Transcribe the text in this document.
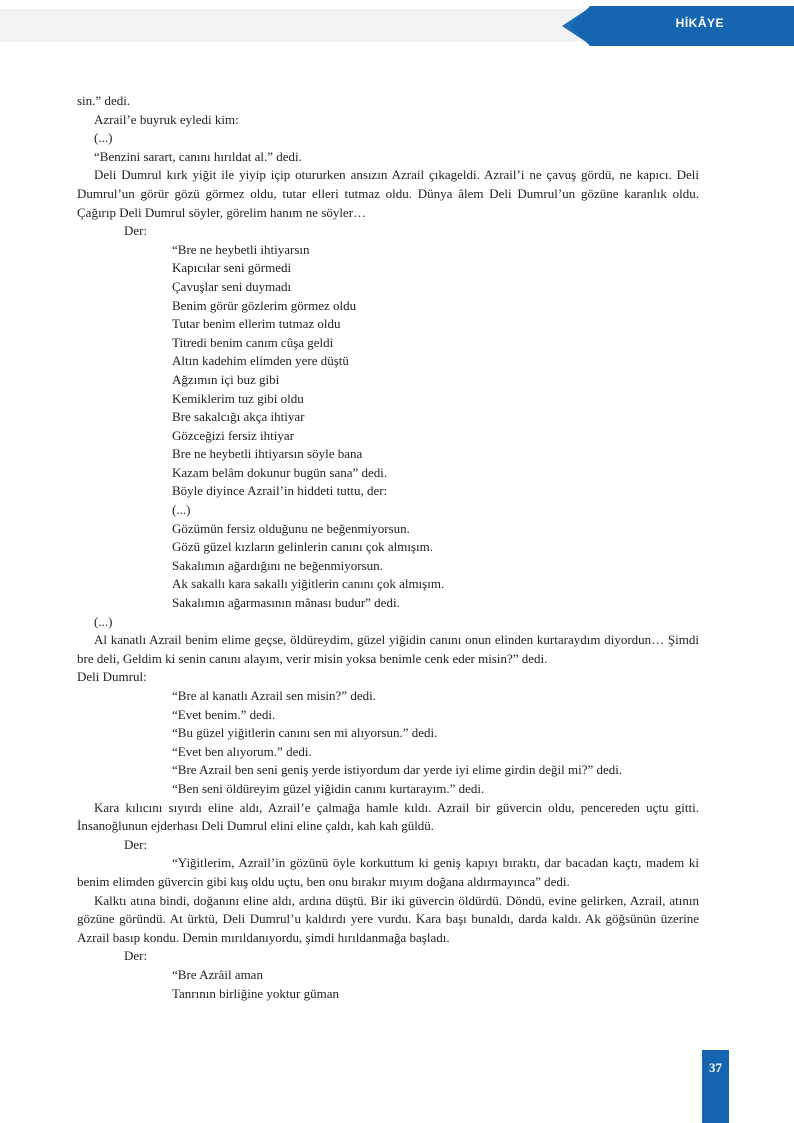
HİKÂYE

sin.” dedi.

Azrail’e buyruk eyledi kim:

(...)

“Benzini sarart, canını hırıldat al.” dedi.

Deli Dumrul kırk yiğit ile yiyip içip otururken ansızın Azrail çıkageldi. Azrail’i ne çavuş gördü, ne kapıcı. Deli Dumrul’un görür gözü görmez oldu, tutar elleri tutmaz oldu. Dünya âlem Deli Dumrul’un gözüne karanlık oldu. Çağırıp Deli Dumrul söyler, görelim hanım ne söyler…

Der:

“Bre ne heybetli ihtiyarsın

Kapıcılar seni görmedi

Çavuşlar seni duymadı

Benim görür gözlerim görmez oldu

Tutar benim ellerim tutmaz oldu

Titredi benim canım cûşa geldi

Altın kadehim elimden yere düştü

Ağzımın içi buz gibi

Kemiklerim tuz gibi oldu

Bre sakalcığı akça ihtiyar

Gözceğizi fersiz ihtiyar

Bre ne heybetli ihtiyarsın söyle bana

Kazam belâm dokunur bugün sana” dedi.

Böyle diyince Azrail’in hiddeti tuttu, der:

(...)

Gözümün fersiz olduğunu ne beğenmiyorsun.

Gözü güzel kızların gelinlerin canını çok almışım.

Sakalımın ağardığını ne beğenmiyorsun.

Ak sakallı kara sakallı yiğitlerin canını çok almışım.

Sakalımın ağarmasının mânası budur” dedi.

(...)

Al kanatlı Azrail benim elime geçse, öldüreydim, güzel yiğidin canını onun elinden kurtaraydım diyordun… Şimdi bre deli, Geldim ki senin canını alayım, verir misin yoksa benimle cenk eder misin?” dedi.

Deli Dumrul:

“Bre al kanatlı Azrail sen misin?” dedi.

“Evet benim.” dedi.

“Bu güzel yiğitlerin canını sen mi alıyorsun.” dedi.

“Evet ben alıyorum.” dedi.

“Bre Azrail ben seni geniş yerde istiyordum dar yerde iyi elime girdin değil mi?” dedi.

“Ben seni öldüreyim güzel yiğidin canını kurtarayım.” dedi.

Kara kılıcını sıyırdı eline aldı, Azrail’e çalmağa hamle kıldı. Azrail bir güvercin oldu, pencereden uçtu gitti. İnsanoğlunun ejderhası Deli Dumrul elini eline çaldı, kah kah güldü.

Der:

“Yiğitlerim, Azrail’in gözünü öyle korkuttum ki geniş kapıyı bıraktı, dar bacadan kaçtı, madem ki benim elimden güvercin gibi kuş oldu uçtu, ben onu bırakır mıyım doğana aldırmayınca” dedi.

Kalktı atına bindi, doğanını eline aldı, ardına düştü. Bir iki güvercin öldürdü. Döndü, evine gelirken, Azrail, atının gözüne göründü. At ürktü, Deli Dumrul’u kaldırdı yere vurdu. Kara başı bunaldı, darda kaldı. Ak göğsünün üzerine Azrail basıp kondu. Demin mırıldanıyordu, şimdi hırıldanmağa başladı.

Der:

“Bre Azrâil aman

Tanrının birliğine yoktur güman

37
